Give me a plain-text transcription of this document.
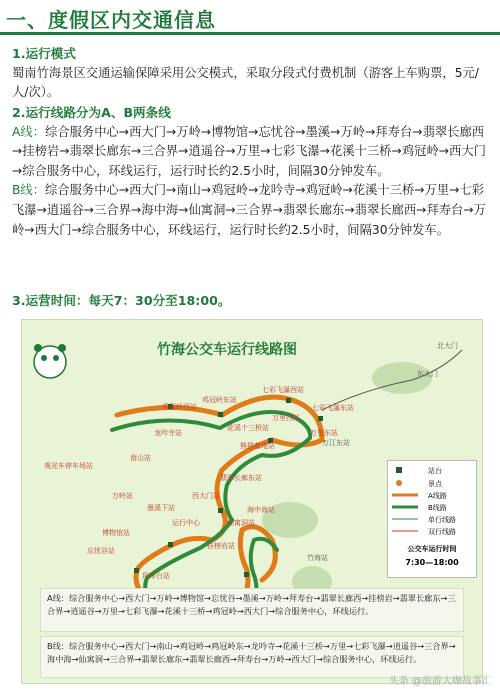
一、度假区内交通信息
1.运行模式
蜀南竹海景区交通运输保障采用公交模式，采取分段式付费机制（游客上车购票，5元/人/次）。
2.运行线路分为A、B两条线
A线：综合服务中心→西大门→万岭→博物馆→忘忧谷→墨溪→万岭→拜寿台→翡翠长廊西→挂榜岩→翡翠长廊东→三合界→逍遥谷→万里→七彩飞瀑→花溪十三桥→鸡冠岭→西大门→综合服务中心，环线运行，运行时长约2.5小时，间隔30分钟发车。
B线：综合服务中心→西大门→南山→鸡冠岭→龙吟寺→鸡冠岭→花溪十三桥→万里→七彩飞瀑→逍遥谷→三合界→海中海→仙寓洞→三合界→翡翠长廊东→翡翠长廊西→拜寿台→万岭→西大门→综合服务中心，环线运行，运行时长约2.5小时，间隔30分钟发车。
3.运营时间：每天7：30分至18:00。
竹海公交车运行线路图	北大门
东大门
龙吟寺站
鸡冠岭东站
七彩飞瀑西站
七彩飞瀑东站
鸡冠岭西站
花溪十三桥站
万里东站
万里西站
熊猫基地站
南山站
观光车停车场站
万岭站
墨溪下站
翡翠长廊东站
海中海站
博物馆站
忘忧谷站
运行中心	仙寓洞站
拜寿台站
挂榜岩站
竹海站
西大门站
万江东站
站台
景点
A线路
B线路
单行线路
双行线路
公交车运行时间
7:30—18:00
A线：综合服务中心→西大门→万岭→博物馆→忘忧谷→墨溪→万岭→拜寿台→翡翠长廊西→挂榜岩→翡翠长廊东→三合界→逍遥谷→万里→七彩飞瀑→花溪十三桥→鸡冠岭→西大门→综合服务中心，环线运行。
B线：综合服务中心→西大门→南山→鸡冠岭→鸡冠岭东→龙吟寺→花溪十三桥→万里→七彩飞瀑→逍遥谷→三合界→海中海→仙寓洞→三合界→翡翠长廊东→翡翠长廊西→拜寿台→万岭→西大门→综合服务中心，环线运行。
头条 @旅游大咖故事汇
